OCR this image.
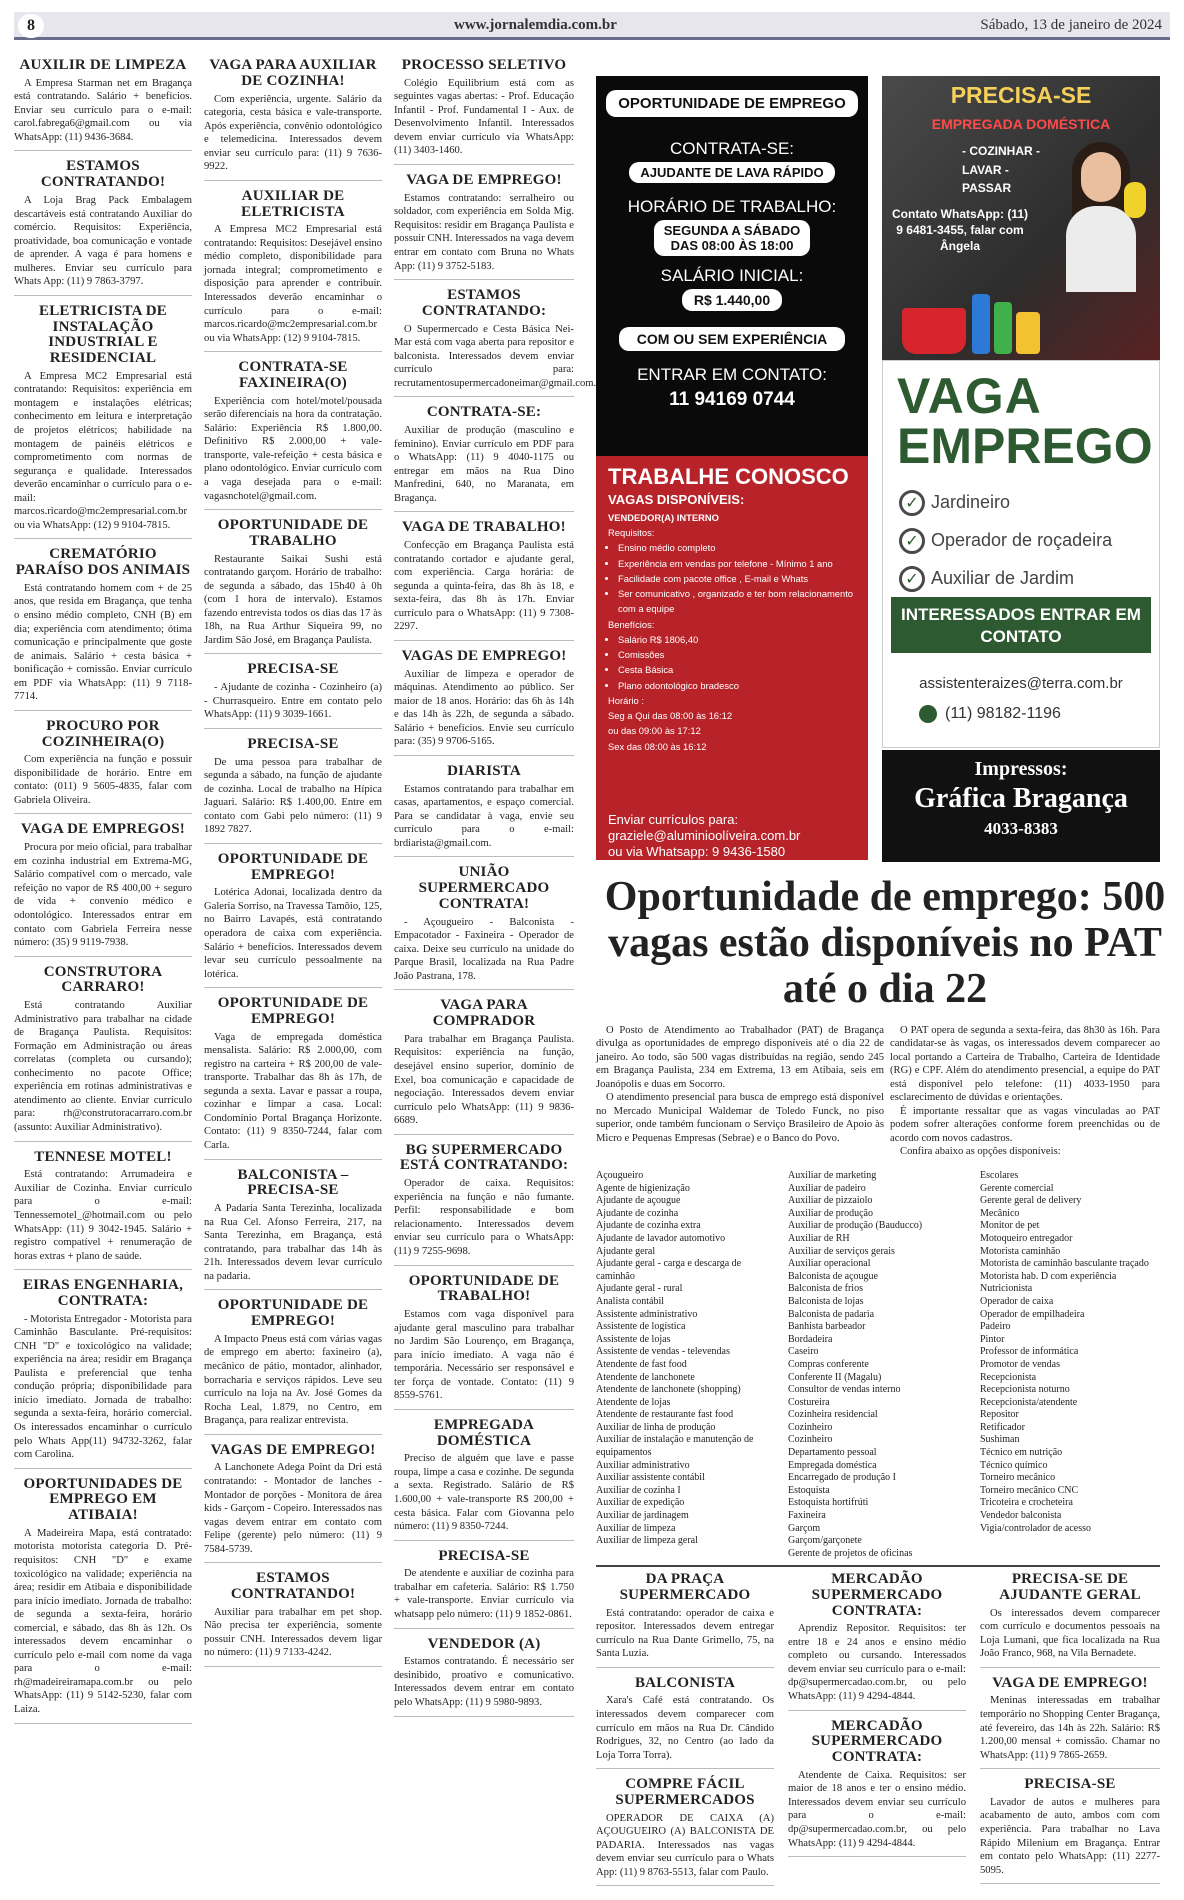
8	www.jornalemdia.com.br	Sábado, 13 de janeiro de 2024
AUXILIR DE LIMPEZA

A Empresa Starman net em Bragança está contratando. Salário + benefícios. Enviar seu currículo para o e-mail: carol.fabrega6@gmail.com ou via WhatsApp: (11) 9436-3684.

ESTAMOS CONTRATANDO!

A Loja Brag Pack Embalagem descartáveis está contratando Auxiliar do comércio. Requisitos: Experiência, proatividade, boa comunicação e vontade de aprender. A vaga é para homens e mulheres. Enviar seu currículo para Whats App: (11) 9 7863-3797.

ELETRICISTA DE INSTALAÇÃO INDUSTRIAL E RESIDENCIAL

A Empresa MC2 Empresarial está contratando: Requisitos: experiência em montagem e instalações elétricas; conhecimento em leitura e interpretação de projetos elétricos; habilidade na montagem de painéis elétricos e comprometimento com normas de segurança e qualidade. Interessados deverão encaminhar o currículo para o e-mail: marcos.ricardo@mc2empresarial.com.br ou via WhatsApp: (12) 9 9104-7815.

CREMATÓRIO PARAÍSO DOS ANIMAIS

Está contratando homem com + de 25 anos, que resida em Bragança, que tenha o ensino médio completo, CNH (B) em dia; experiência com atendimento; ótima comunicação e principalmente que goste de animais. Salário + cesta básica + bonificação + comissão. Enviar currículo em PDF via WhatsApp: (11) 9 7118-7714.

PROCURO POR COZINHEIRA(O)

Com experiência na função e possuir disponibilidade de horário. Entre em contato: (011) 9 5605-4835, falar com Gabriela Oliveira.

VAGA DE EMPREGOS!

Procura por meio oficial, para trabalhar em cozinha industrial em Extrema-MG, Salário compatível com o mercado, vale refeição no vapor de R$ 400,00 + seguro de vida + convenio médico e odontológico. Interessados entrar em contato com Gabriela Ferreira nesse número: (35) 9 9119-7938.

CONSTRUTORA CARRARO!

Está contratando Auxiliar Administrativo para trabalhar na cidade de Bragança Paulista. Requisitos: Formação em Administração ou áreas correlatas (completa ou cursando); conhecimento no pacote Office; experiência em rotinas administrativas e atendimento ao cliente. Enviar currículo para: rh@construtoracarraro.com.br (assunto: Auxiliar Administrativo).

TENNESE MOTEL!

Está contratando: Arrumadeira e Auxiliar de Cozinha. Enviar currículo para o e-mail: Tennessemotel_@hotmail.com ou pelo WhatsApp: (11) 9 3042-1945. Salário + registro compatível + renumeração de horas extras + plano de saúde.

EIRAS ENGENHARIA, CONTRATA:

- Motorista Entregador - Motorista para Caminhão Basculante. Pré-requisitos: CNH "D" e toxicológico na validade; experiência na área; residir em Bragança Paulista e preferencial que tenha condução própria; disponibilidade para início imediato. Jornada de trabalho: segunda a sexta-feira, horário comercial. Os interessados encaminhar o currículo pelo Whats App(11) 94732-3262, falar com Carolina.

OPORTUNIDADES DE EMPREGO EM ATIBAIA!

A Madeireira Mapa, está contratado: motorista motorista categoria D. Pré-requisitos: CNH "D" e exame toxicológico na validade; experiência na área; residir em Atibaia e disponibilidade para início imediato. Jornada de trabalho: de segunda a sexta-feira, horário comercial, e sábado, das 8h às 12h. Os interessados devem encaminhar o currículo pelo e-mail com nome da vaga para o e-mail: rh@madeireiramapa.com.br ou pelo WhatsApp: (11) 9 5142-5230, falar com Laiza.

VAGA PARA AUXILIAR DE COZINHA!

Com experiência, urgente. Salário da categoria, cesta básica e vale-transporte. Após experiência, convênio odontológico e telemedicina. Interessados devem enviar seu currículo para: (11) 9 7636-9922.

AUXILIAR DE ELETRICISTA

A Empresa MC2 Empresarial está contratando: Requisitos: Desejável ensino médio completo, disponibilidade para jornada integral; comprometimento e disposição para aprender e contribuir. Interessados deverão encaminhar o currículo para o e-mail: marcos.ricardo@mc2empresarial.com.br ou via WhatsApp: (12) 9 9104-7815.

CONTRATA-SE FAXINEIRA(O)

Experiência com hotel/motel/pousada serão diferenciais na hora da contratação. Salário: Experiência R$ 1.800,00. Definitivo R$ 2.000,00 + vale- transporte, vale-refeição + cesta básica e plano odontológico. Enviar currículo com a vaga desejada para o e-mail: vagasnchotel@gmail.com.

OPORTUNIDADE DE TRABALHO

Restaurante Saikai Sushi está contratando garçom. Horário de trabalho: de segunda a sábado, das 15h40 à 0h (com 1 hora de intervalo). Estamos fazendo entrevista todos os dias das 17 às 18h, na Rua Arthur Siqueira 99, no Jardim São José, em Bragança Paulista.

PRECISA-SE

- Ajudante de cozinha - Cozinheiro (a) - Churrasqueiro. Entre em contato pelo WhatsApp: (11) 9 3039-1661.

PRECISA-SE

De uma pessoa para trabalhar de segunda a sábado, na função de ajudante de cozinha. Local de trabalho na Hípica Jaguari. Salário: R$ 1.400,00. Entre em contato com Gabi pelo número: (11) 9 1892 7827.

OPORTUNIDADE DE EMPREGO!

Lotérica Adonai, localizada dentro da Galeria Sorriso, na Travessa Tamôio, 125, no Bairro Lavapés, está contratando operadora de caixa com experiência. Salário + benefícios. Interessados devem levar seu currículo pessoalmente na lotérica.

OPORTUNIDADE DE EMPREGO!

Vaga de empregada doméstica mensalista. Salário: R$ 2.000,00, com registro na carteira + R$ 200,00 de vale-transporte. Trabalhar das 8h às 17h, de segunda a sexta. Lavar e passar a roupa, cozinhar e limpar a casa. Local: Condomínio Portal Bragança Horizonte. Contato: (11) 9 8350-7244, falar com Carla.

BALCONISTA – PRECISA-SE

A Padaria Santa Terezinha, localizada na Rua Cel. Afonso Ferreira, 217, na Santa Terezinha, em Bragança, está contratando, para trabalhar das 14h às 21h. Interessados devem levar currículo na padaria.

OPORTUNIDADE DE EMPREGO!

A Impacto Pneus está com várias vagas de emprego em aberto: faxineiro (a), mecânico de pátio, montador, alinhador, borracharia e serviços rápidos. Leve seu currículo na loja na Av. José Gomes da Rocha Leal, 1.879, no Centro, em Bragança, para realizar entrevista.

VAGAS DE EMPREGO!

A Lanchonete Adega Point da Dri está contratando: - Montador de lanches - Montador de porções - Monitora de área kids - Garçom - Copeiro. Interessados nas vagas devem entrar em contato com Felipe (gerente) pelo número: (11) 9 7584-5739.

ESTAMOS CONTRATANDO!

Auxiliar para trabalhar em pet shop. Não precisa ter experiência, somente possuir CNH. Interessados devem ligar no número: (11) 9 7133-4242.

PROCESSO SELETIVO

Colégio Equilibrium está com as seguintes vagas abertas: - Prof. Educação Infantil - Prof. Fundamental I - Aux. de Desenvolvimento Infantil. Interessados devem enviar currículo via WhatsApp: (11) 3403-1460.

VAGA DE EMPREGO!

Estamos contratando: serralheiro ou soldador, com experiência em Solda Mig. Requisitos: residir em Bragança Paulista e possuir CNH. Interessados na vaga devem entrar em contato com Bruna no Whats App: (11) 9 3752-5183.

ESTAMOS CONTRATANDO:

O Supermercado e Cesta Básica Nei-Mar está com vaga aberta para repositor e balconista. Interessados devem enviar currículo para: recrutamentosupermercadoneimar@gmail.com.

CONTRATA-SE:

Auxiliar de produção (masculino e feminino). Enviar currículo em PDF para o WhatsApp: (11) 9 4040-1175 ou entregar em mãos na Rua Dino Manfredini, 640, no Maranata, em Bragança.

VAGA DE TRABALHO!

Confecção em Bragança Paulista está contratando cortador e ajudante geral, com experiência. Carga horária: de segunda a quinta-feira, das 8h às 18, e sexta-feira, das 8h às 17h. Enviar currículo para o WhatsApp: (11) 9 7308-2297.

VAGAS DE EMPREGO!

Auxiliar de limpeza e operador de máquinas. Atendimento ao público. Ser maior de 18 anos. Horário: das 6h às 14h e das 14h às 22h, de segunda a sábado. Salário + benefícios. Envie seu currículo para: (35) 9 9706-5165.

DIARISTA

Estamos contratando para trabalhar em casas, apartamentos, e espaço comercial. Para se candidatar à vaga, envie seu currículo para o e-mail: brdiarista@gmail.com.

UNIÃO SUPERMERCADO CONTRATA!

- Açougueiro - Balconista - Empacotador - Faxineira - Operador de caixa. Deixe seu currículo na unidade do Parque Brasil, localizada na Rua Padre João Pastrana, 178.

VAGA PARA COMPRADOR

Para trabalhar em Bragança Paulista. Requisitos: experiência na função, desejável ensino superior, domínio de Exel, boa comunicação e capacidade de negociação. Interessados devem enviar currículo pelo WhatsApp: (11) 9 9836-6689.

BG SUPERMERCADO ESTÁ CONTRATANDO:

Operador de caixa. Requisitos: experiência na função e não fumante. Perfil: responsabilidade e bom relacionamento. Interessados devem enviar seu currículo para o WhatsApp: (11) 9 7255-9698.

OPORTUNIDADE DE TRABALHO!

Estamos com vaga disponível para ajudante geral masculino para trabalhar no Jardim São Lourenço, em Bragança, para início imediato. A vaga não é temporária. Necessário ser responsável e ter força de vontade. Contato: (11) 9 8559-5761.

EMPREGADA DOMÉSTICA

Preciso de alguém que lave e passe roupa, limpe a casa e cozinhe. De segunda a sexta. Registrado. Salário de R$ 1.600,00 + vale-transporte R$ 200,00 + cesta básica. Falar com Giovanna pelo número: (11) 9 8350-7244.

PRECISA-SE

De atendente e auxiliar de cozinha para trabalhar em cafeteria. Salário: R$ 1.750 + vale-transporte. Enviar currículo via whatsapp pelo número: (11) 9 1852-0861.

VENDEDOR (A)

Estamos contratando. É necessário ser desinibido, proativo e comunicativo. Interessados devem entrar em contato pelo WhatsApp: (11) 9 5980-9893.

OPORTUNIDADE DE EMPREGO
CONTRATA-SE:
AJUDANTE DE LAVA RÁPIDO
HORÁRIO DE TRABALHO:
SEGUNDA A SÁBADO DAS 08:00 ÀS 18:00
SALÁRIO INICIAL:
R$ 1.440,00
COM OU SEM EXPERIÊNCIA
ENTRAR EM CONTATO:
11 94169 0744
PRECISA-SE
EMPREGADA DOMÉSTICA
- COZINHAR - LAVAR - PASSAR
Contato WhatsApp: (11) 9 6481-3455, falar com Ângela
TRABALHE CONOSCO
VAGAS DISPONÍVEIS:
VENDEDOR(A) INTERNO
Requisitos:
• Ensino médio completo
• Experiência em vendas por telefone - Mínimo 1 ano
• Facilidade com pacote office , E-mail e Whats
• Ser comunicativo , organizado e ter bom relacionamento com a equipe
Benefícios:
• Salário R$ 1806,40
• Comissões
• Cesta Básica
• Plano odontológico bradesco
Horário :
Seg a Qui das 08:00 às 16:12
ou das 09:00 às 17:12
Sex das 08:00 às 16:12
Enviar currículos para:
graziele@aluminioolíveira.com.br
ou via Whatsapp: 9 9436-1580
VAGA
EMPREGO
✓ Jardineiro
✓ Operador de roçadeira
✓ Auxiliar de Jardim
INTERESSADOS ENTRAR EM CONTATO
assistenteraizes@terra.com.br
(11) 98182-1196
Impressos:
Gráfica Bragança
4033-8383
Oportunidade de emprego: 500 vagas estão disponíveis no PAT até o dia 22

O Posto de Atendimento ao Trabalhador (PAT) de Bragança divulga as oportunidades de emprego disponíveis até o dia 22 de janeiro. Ao todo, são 500 vagas distribuídas na região, sendo 245 em Bragança Paulista, 234 em Extrema, 13 em Atibaia, seis em Joanópolis e duas em Socorro.

O atendimento presencial para busca de emprego está disponível no Mercado Municipal Waldemar de Toledo Funck, no piso superior, onde também funcionam o Serviço Brasileiro de Apoio às Micro e Pequenas Empresas (Sebrae) e o Banco do Povo.

O PAT opera de segunda a sexta-feira, das 8h30 às 16h. Para candidatar-se às vagas, os interessados devem comparecer ao local portando a Carteira de Trabalho, Carteira de Identidade (RG) e CPF. Além do atendimento presencial, a equipe do PAT está disponível pelo telefone: (11) 4033-1950 para esclarecimento de dúvidas e orientações.

É importante ressaltar que as vagas vinculadas ao PAT podem sofrer alterações conforme forem preenchidas ou de acordo com novos cadastros.

Confira abaixo as opções disponíveis:

Açougueiro
Agente de higienização
Ajudante de açougue
Ajudante de cozinha
Ajudante de cozinha extra
Ajudante de lavador automotivo
Ajudante geral
Ajudante geral - carga e descarga de caminhão
Ajudante geral - rural
Analista contábil
Assistente administrativo
Assistente de logística
Assistente de lojas
Assistente de vendas - televendas
Atendente de fast food
Atendente de lanchonete
Atendente de lanchonete (shopping)
Atendente de lojas
Atendente de restaurante fast food
Auxiliar de linha de produção
Auxiliar de instalação e manutenção de equipamentos
Auxiliar administrativo
Auxiliar assistente contábil
Auxiliar de cozinha I
Auxiliar de expedição
Auxiliar de jardinagem
Auxiliar de limpeza
Auxiliar de limpeza geral
Auxiliar de marketing
Auxiliar de padeiro
Auxiliar de pizzaiolo
Auxiliar de produção
Auxiliar de produção (Bauducco)
Auxiliar de RH
Auxiliar de serviços gerais
Auxiliar operacional
Balconista de açougue
Balconista de frios
Balconista de lojas
Balconista de padaria
Banhista barbeador
Bordadeira
Caseiro
Compras conferente
Conferente II (Magalu)
Consultor de vendas interno
Costureira
Cozinheira residencial
Cozinheiro
Cozinheiro
Departamento pessoal
Empregada doméstica
Encarregado de produção I
Estoquista
Estoquista hortifrúti
Faxineira
Garçom
Garçom/garçonete
Gerente de projetos de oficinas
Escolares
Gerente comercial
Gerente geral de delivery
Mecânico
Monitor de pet
Motoqueiro entregador
Motorista caminhão
Motorista de caminhão basculante traçado
Motorista hab. D com experiência
Nutricionista
Operador de caixa
Operador de empilhadeira
Padeiro
Pintor
Professor de informática
Promotor de vendas
Recepcionista
Recepcionista noturno
Recepcionista/atendente
Repositor
Retificador
Sushiman
Técnico em nutrição
Técnico químico
Torneiro mecânico
Torneiro mecânico CNC
Tricoteira e crocheteira
Vendedor balconista
Vigia/controlador de acesso
DA PRAÇA SUPERMERCADO

Está contratando: operador de caixa e repositor. Interessados devem entregar currículo na Rua Dante Grimello, 75, na Santa Luzia.

BALCONISTA

Xara's Café está contratando. Os interessados devem comparecer com currículo em mãos na Rua Dr. Cândido Rodrigues, 32, no Centro (ao lado da Loja Torra Torra).

COMPRE FÁCIL SUPERMERCADOS

OPERADOR DE CAIXA (A) AÇOUGUEIRO (A) BALCONISTA DE PADARIA. Interessados nas vagas devem enviar seu currículo para o Whats App: (11) 9 8763-5513, falar com Paulo.

MERCADÃO SUPERMERCADO CONTRATA:

Aprendiz Repositor. Requisitos: ter entre 18 e 24 anos e ensino médio completo ou cursando. Interessados devem enviar seu currículo para o e-mail: dp@supermercadao.com.br, ou pelo WhatsApp: (11) 9 4294-4844.

MERCADÃO SUPERMERCADO CONTRATA:

Atendente de Caixa. Requisitos: ser maior de 18 anos e ter o ensino médio. Interessados devem enviar seu currículo para o e-mail: dp@supermercadao.com.br, ou pelo WhatsApp: (11) 9 4294-4844.

PRECISA-SE DE AJUDANTE GERAL

Os interessados devem comparecer com currículo e documentos pessoais na Loja Lumani, que fica localizada na Rua João Franco, 968, na Vila Bernadete.

VAGA DE EMPREGO!

Meninas interessadas em trabalhar temporário no Shopping Center Bragança, até fevereiro, das 14h às 22h. Salário: R$ 1.200,00 mensal + comissão. Chamar no WhatsApp: (11) 9 7865-2659.

PRECISA-SE

Lavador de autos e mulheres para acabamento de auto, ambos com com experiência. Para trabalhar no Lava Rápido Milenium em Bragança. Entrar em contato pelo WhatsApp: (11) 2277-5095.
